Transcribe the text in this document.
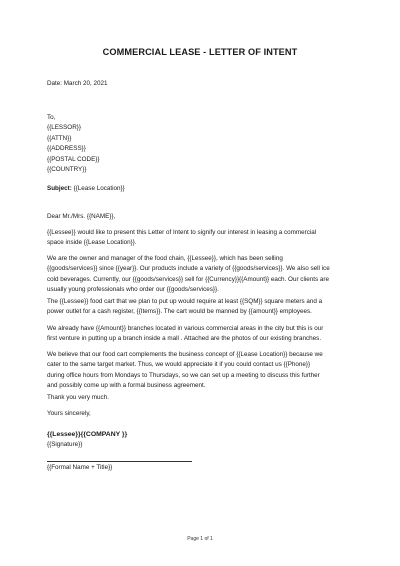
COMMERCIAL LEASE - LETTER OF INTENT

Date: March 20, 2021

To,

{{LESSOR}}

{{ATTN}}

{{ADDRESS}}

{{POSTAL CODE}}

{{COUNTRY}}

Subject: {{Lease Location}}

Dear Mr./Mrs. {{NAME}},

{{Lessee}} would like to present this Letter of Intent to signify our interest in leasing a commercial

space inside {{Lease Location}}.

We are the owner and manager of the food chain, {{Lessee}}, which has been selling

{{goods/services}} since {{year}}. Our products include a variety of {{goods/services}}. We also sell ice

cold beverages. Currently, our {{goods/services}} sell for {{Currency}}{{Amount}} each. Our clients are

usually young professionals who order our {{goods/services}}.

The {{Lessee}} food cart that we plan to put up would require at least {{SQM}} square meters and a

power outlet for a cash register, {{Items}}. The cart would be manned by {{amount}} employees.

We already have {{Amount}} branches located in various commercial areas in the city but this is our

first venture in putting up a branch inside a mall . Attached are the photos of our existing branches.

We believe that our food cart complements the business concept of {{Lease Location}} because we

cater to the same target market. Thus, we would appreciate it if you could contact us {{Phone}}

during office hours from Mondays to Thursdays, so we can set up a meeting to discuss this further

and possibly come up with a formal business agreement.

Thank you very much.

Yours sincerely,

{{Lessee}}{{COMPANY }}

{{Signature}}

{{Formal Name + Title}}

Page 1 of 1
